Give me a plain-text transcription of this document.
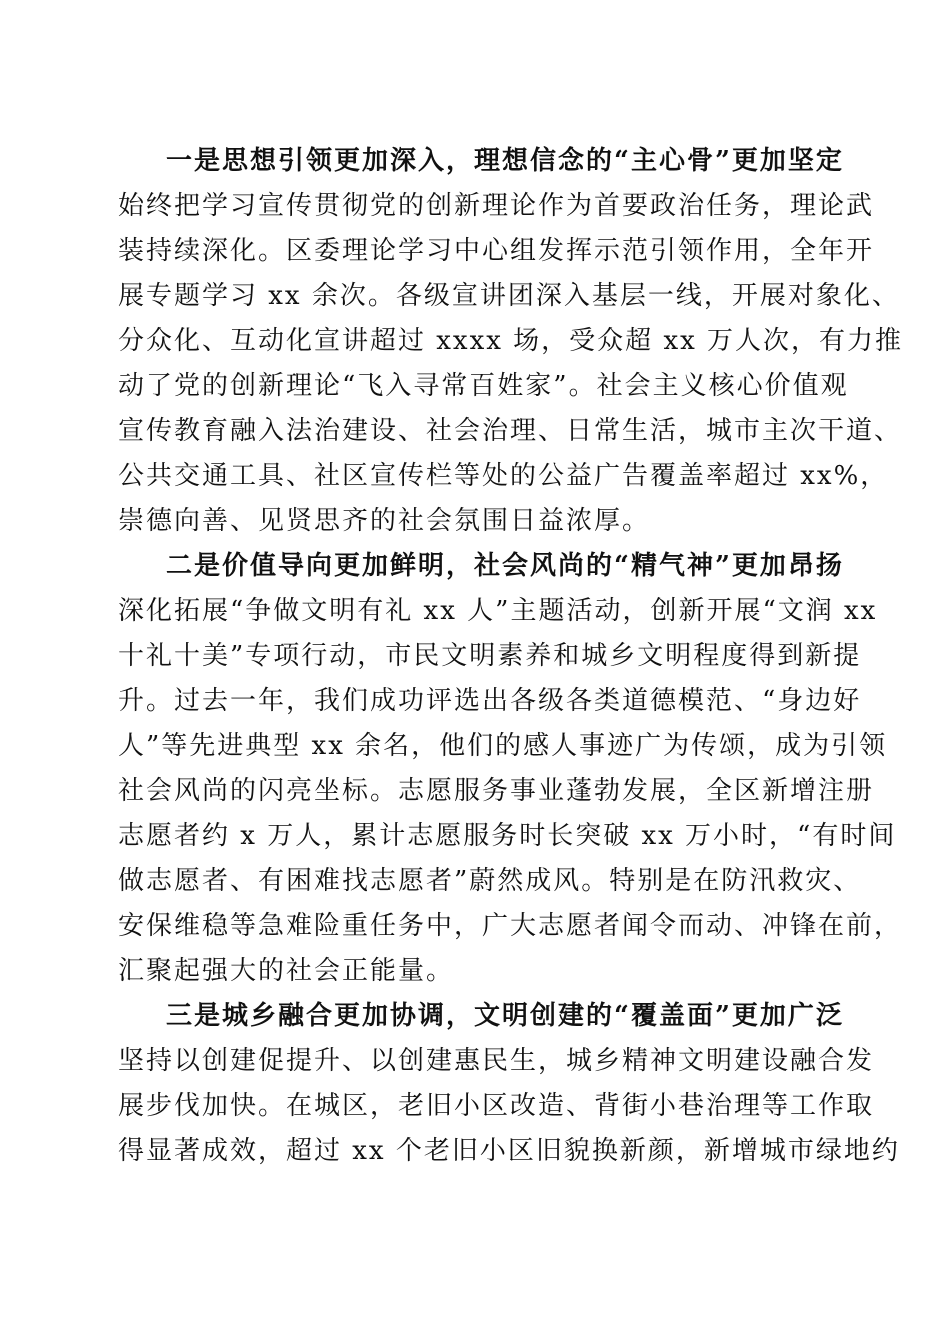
一是思想引领更加深入，理想信念的“主心骨”更加坚定
始终把学习宣传贯彻党的创新理论作为首要政治任务，理论武
装持续深化。区委理论学习中心组发挥示范引领作用，全年开
展专题学习 xx 余次。各级宣讲团深入基层一线，开展对象化、
分众化、互动化宣讲超过 xxxx 场，受众超 xx 万人次，有力推
动了党的创新理论“飞入寻常百姓家”。社会主义核心价值观
宣传教育融入法治建设、社会治理、日常生活，城市主次干道、
公共交通工具、社区宣传栏等处的公益广告覆盖率超过 xx%，
崇德向善、见贤思齐的社会氛围日益浓厚。
二是价值导向更加鲜明，社会风尚的“精气神”更加昂扬
深化拓展“争做文明有礼 xx 人”主题活动，创新开展“文润 xx
十礼十美”专项行动，市民文明素养和城乡文明程度得到新提
升。过去一年，我们成功评选出各级各类道德模范、“身边好
人”等先进典型 xx 余名，他们的感人事迹广为传颂，成为引领
社会风尚的闪亮坐标。志愿服务事业蓬勃发展，全区新增注册
志愿者约 x 万人，累计志愿服务时长突破 xx 万小时，“有时间
做志愿者、有困难找志愿者”蔚然成风。特别是在防汛救灾、
安保维稳等急难险重任务中，广大志愿者闻令而动、冲锋在前，
汇聚起强大的社会正能量。
三是城乡融合更加协调，文明创建的“覆盖面”更加广泛
坚持以创建促提升、以创建惠民生，城乡精神文明建设融合发
展步伐加快。在城区，老旧小区改造、背街小巷治理等工作取
得显著成效，超过 xx 个老旧小区旧貌换新颜，新增城市绿地约
